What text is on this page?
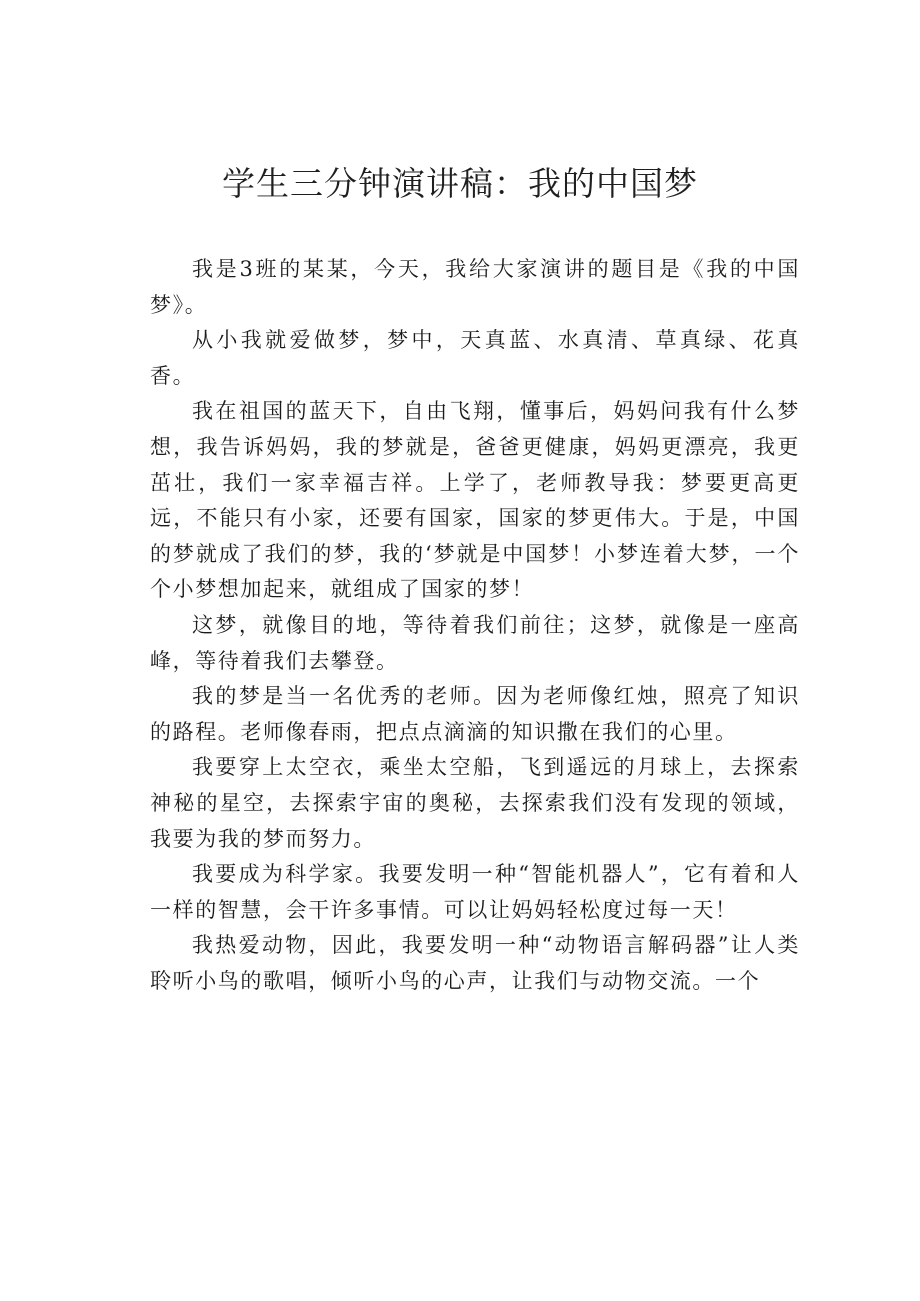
学生三分钟演讲稿：我的中国梦

我是3班的某某，今天，我给大家演讲的题目是《我的中国梦》。

从小我就爱做梦，梦中，天真蓝、水真清、草真绿、花真香。

我在祖国的蓝天下，自由飞翔，懂事后，妈妈问我有什么梦想，我告诉妈妈，我的梦就是，爸爸更健康，妈妈更漂亮，我更茁壮，我们一家幸福吉祥。上学了，老师教导我：梦要更高更远，不能只有小家，还要有国家，国家的梦更伟大。于是，中国的梦就成了我们的梦，我的‘梦就是中国梦！小梦连着大梦，一个个小梦想加起来，就组成了国家的梦！

这梦，就像目的地，等待着我们前往；这梦，就像是一座高峰，等待着我们去攀登。

我的梦是当一名优秀的老师。因为老师像红烛，照亮了知识的路程。老师像春雨，把点点滴滴的知识撒在我们的心里。

我要穿上太空衣，乘坐太空船，飞到遥远的月球上，去探索神秘的星空，去探索宇宙的奥秘，去探索我们没有发现的领域，我要为我的梦而努力。

我要成为科学家。我要发明一种“智能机器人”，它有着和人一样的智慧，会干许多事情。可以让妈妈轻松度过每一天！

我热爱动物，因此，我要发明一种“动物语言解码器”让人类聆听小鸟的歌唱，倾听小鸟的心声，让我们与动物交流。一个
